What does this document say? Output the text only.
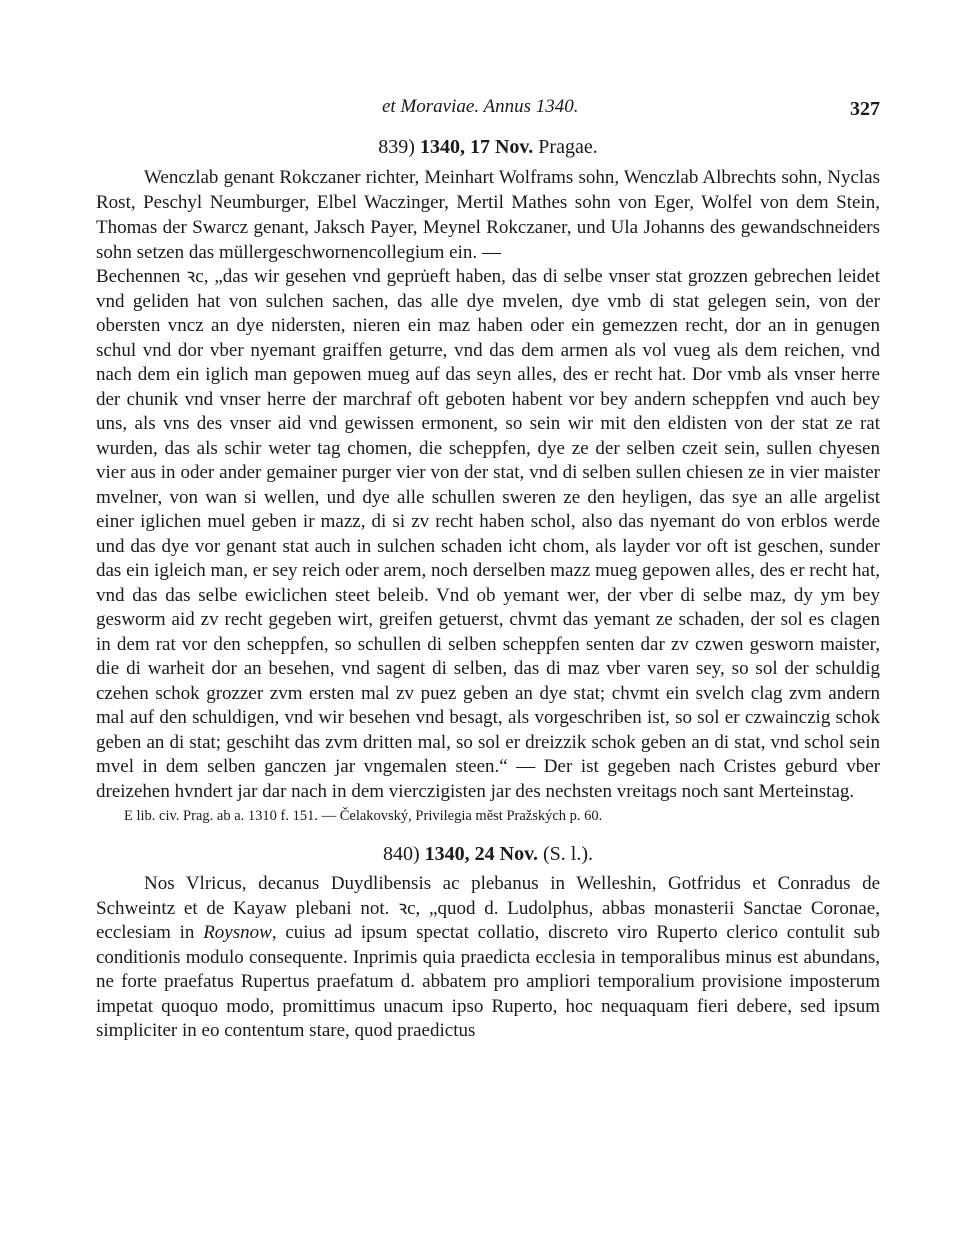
et Moraviae. Annus 1340.	327
839) 1340, 17 Nov. Pragae.

Wenczlab genant Rokczaner richter, Meinhart Wolframs sohn, Wenczlab Albrechts sohn, Nyclas Rost, Peschyl Neumburger, Elbel Waczinger, Mertil Mathes sohn von Eger, Wolfel von dem Stein, Thomas der Swarcz genant, Jaksch Payer, Meynel Rokczaner, und Ula Johanns des gewandschneiders sohn setzen das müllergeschwornencollegium ein. —

Bechennen ꝛc, „das wir gesehen vnd gepru̇eft haben, das di selbe vnser stat grozzen gebrechen leidet vnd geliden hat von sulchen sachen, das alle dye mvelen, dye vmb di stat gelegen sein, von der obersten vncz an dye nidersten, nieren ein maz haben oder ein gemezzen recht, dor an in genugen schul vnd dor vber nyemant graiffen geturre, vnd das dem armen als vol vueg als dem reichen, vnd nach dem ein iglich man gepowen mueg auf das seyn alles, des er recht hat. Dor vmb als vnser herre der chunik vnd vnser herre der marchraf oft geboten habent vor bey andern scheppfen vnd auch bey uns, als vns des vnser aid vnd gewissen ermonent, so sein wir mit den eldisten von der stat ze rat wurden, das als schir weter tag chomen, die scheppfen, dye ze der selben czeit sein, sullen chyesen vier aus in oder ander gemainer purger vier von der stat, vnd di selben sullen chiesen ze in vier maister mvelner, von wan si wellen, und dye alle schullen sweren ze den heyligen, das sye an alle argelist einer iglichen muel geben ir mazz, di si zv recht haben schol, also das nyemant do von erblos werde und das dye vor genant stat auch in sulchen schaden icht chom, als layder vor oft ist geschen, sunder das ein igleich man, er sey reich oder arem, noch derselben mazz mueg gepowen alles, des er recht hat, vnd das das selbe ewiclichen steet beleib. Vnd ob yemant wer, der vber di selbe maz, dy ym bey gesworm aid zv recht gegeben wirt, greifen getuerst, chvmt das yemant ze schaden, der sol es clagen in dem rat vor den scheppfen, so schullen di selben scheppfen senten dar zv czwen gesworn maister, die di warheit dor an besehen, vnd sagent di selben, das di maz vber varen sey, so sol der schuldig czehen schok grozzer zvm ersten mal zv puez geben an dye stat; chvmt ein svelch clag zvm andern mal auf den schuldigen, vnd wir besehen vnd besagt, als vorgeschriben ist, so sol er czwainczig schok geben an di stat; geschiht das zvm dritten mal, so sol er dreizzik schok geben an di stat, vnd schol sein mvel in dem selben ganczen jar vngemalen steen.“ — Der ist gegeben nach Cristes geburd vber dreizehen hvndert jar dar nach in dem vierczigisten jar des nechsten vreitags noch sant Merteinstag.

E lib. civ. Prag. ab a. 1310 f. 151. — Čelakovský, Privilegia měst Pražských p. 60.
840) 1340, 24 Nov. (S. l.).

Nos Vlricus, decanus Duydlibensis ac plebanus in Welleshin, Gotfridus et Conradus de Schweintz et de Kayaw plebani not. ꝛc, „quod d. Ludolphus, abbas monasterii Sanctae Coronae, ecclesiam in Roysnow, cuius ad ipsum spectat collatio, discreto viro Ruperto clerico contulit sub conditionis modulo consequente. Inprimis quia praedicta ecclesia in temporalibus minus est abundans, ne forte praefatus Rupertus praefatum d. abbatem pro ampliori temporalium provisione imposterum impetat quoquo modo, promittimus unacum ipso Ruperto, hoc nequaquam fieri debere, sed ipsum simpliciter in eo contentum stare, quod praedictus
